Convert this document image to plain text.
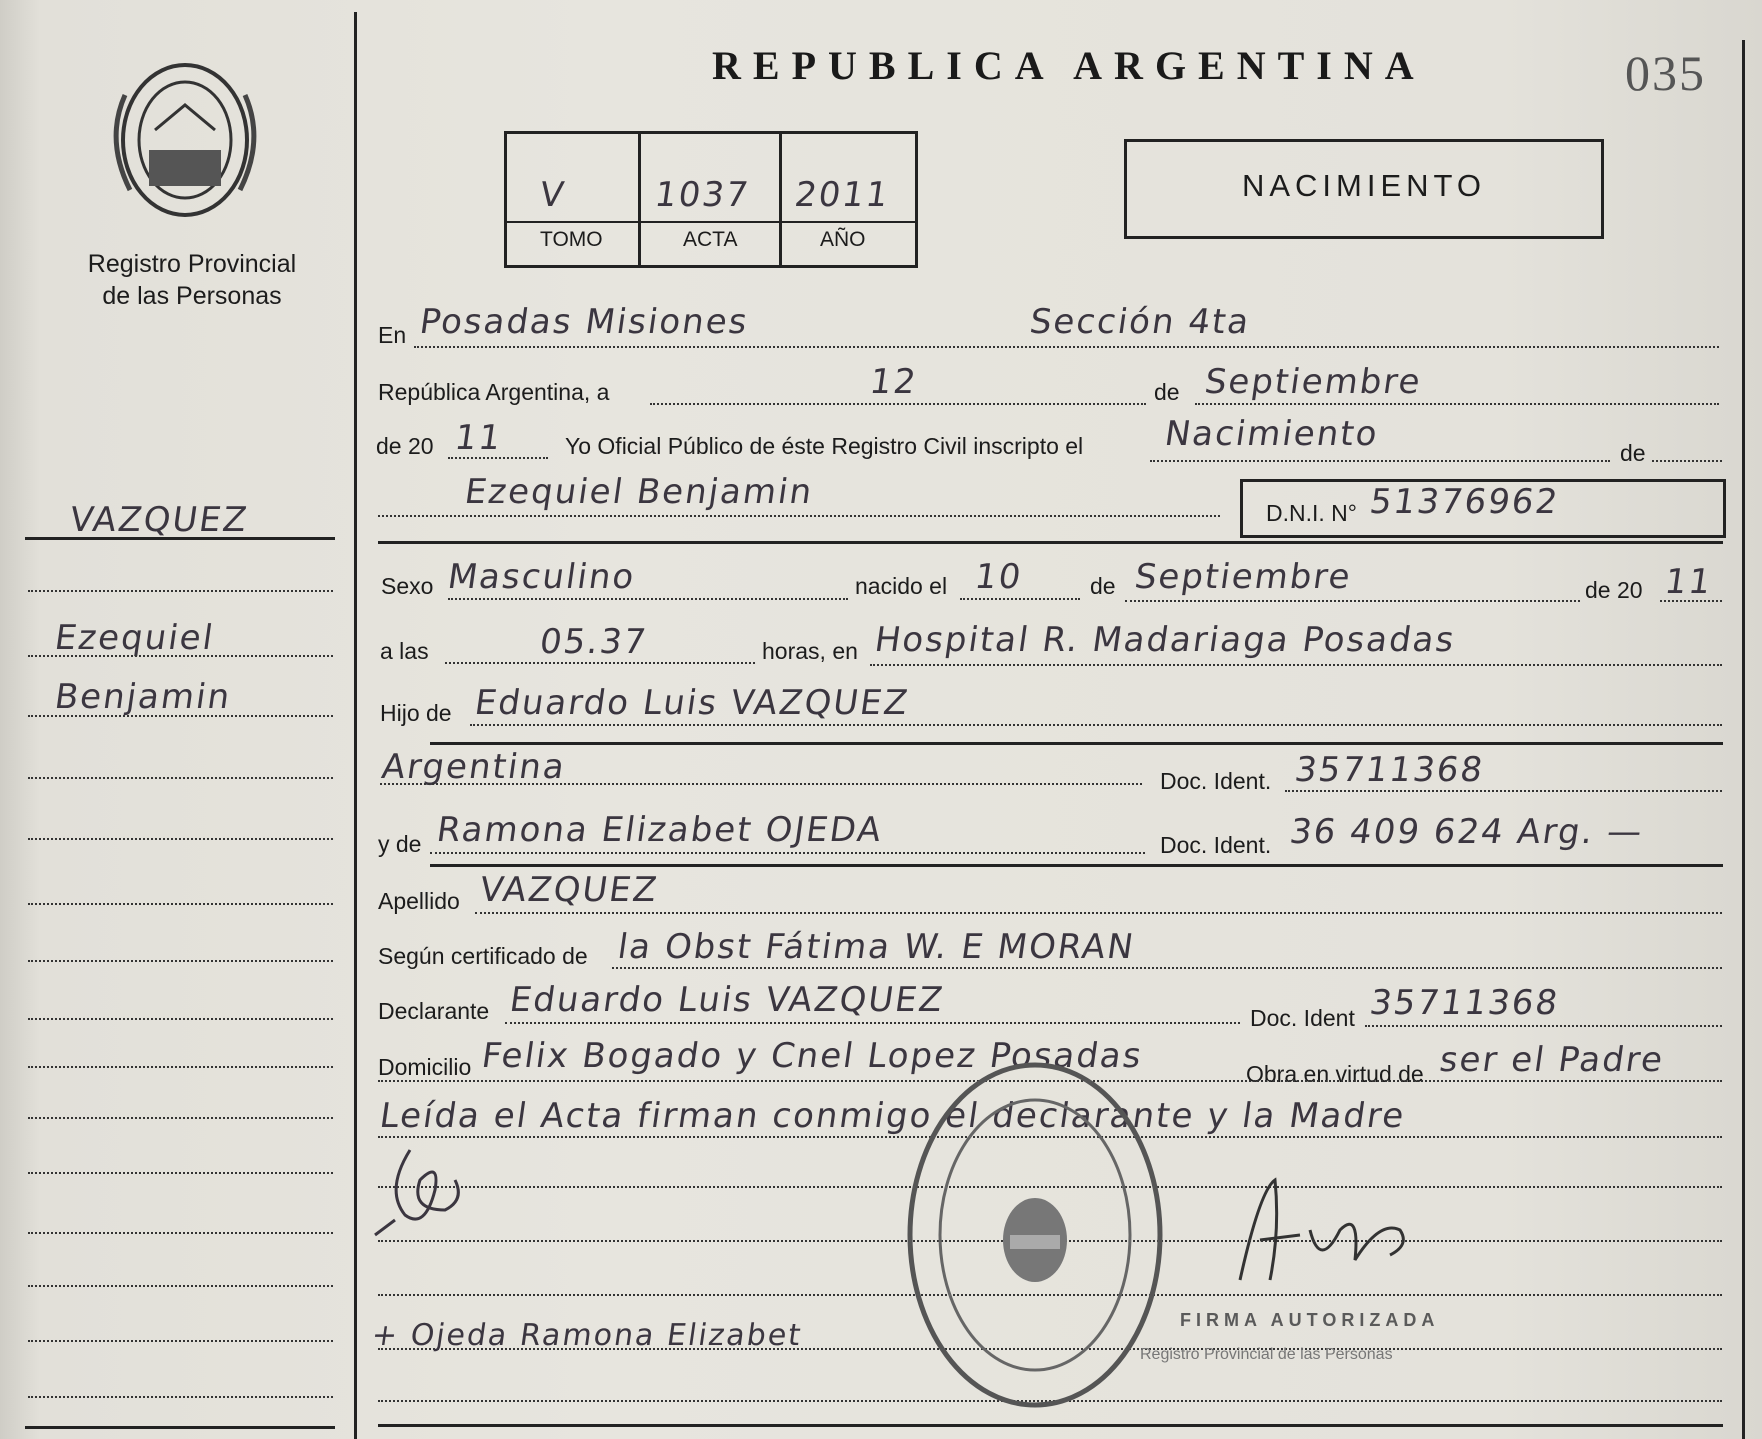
Registro Provincial
de las Personas
VAZQUEZ
Ezequiel
Benjamin
REPUBLICA ARGENTINA	035
V 1037 2011
TOMO	ACTA	AÑO
NACIMIENTO
En Posadas Misiones	Sección 4ta
República Argentina, a	12	de Septiembre
de 20 11	Yo Oficial Público de éste Registro Civil inscripto el Nacimiento	de
Ezequiel Benjamin
D.N.I. N° 51376962
Sexo Masculino	nacido el 10	de Septiembre	de 20 11
a las	05.37	horas, en Hospital R. Madariaga Posadas
Hijo de Eduardo Luis VAZQUEZ
Argentina	Doc. Ident. 35711368
y de Ramona Elizabet OJEDA	Doc. Ident. 36 409 624 Arg. —
Apellido VAZQUEZ
Según certificado de la Obst Fátima W. E MORAN
Declarante Eduardo Luis VAZQUEZ	Doc. Ident 35711368
Domicilio Felix Bogado y Cnel Lopez Posadas	Obra en virtud de ser el Padre
Leída el Acta firman conmigo el declarante y la Madre
+ Ojeda Ramona Elizabet	FIRMA AUTORIZADA
Registro Provincial de las Personas
